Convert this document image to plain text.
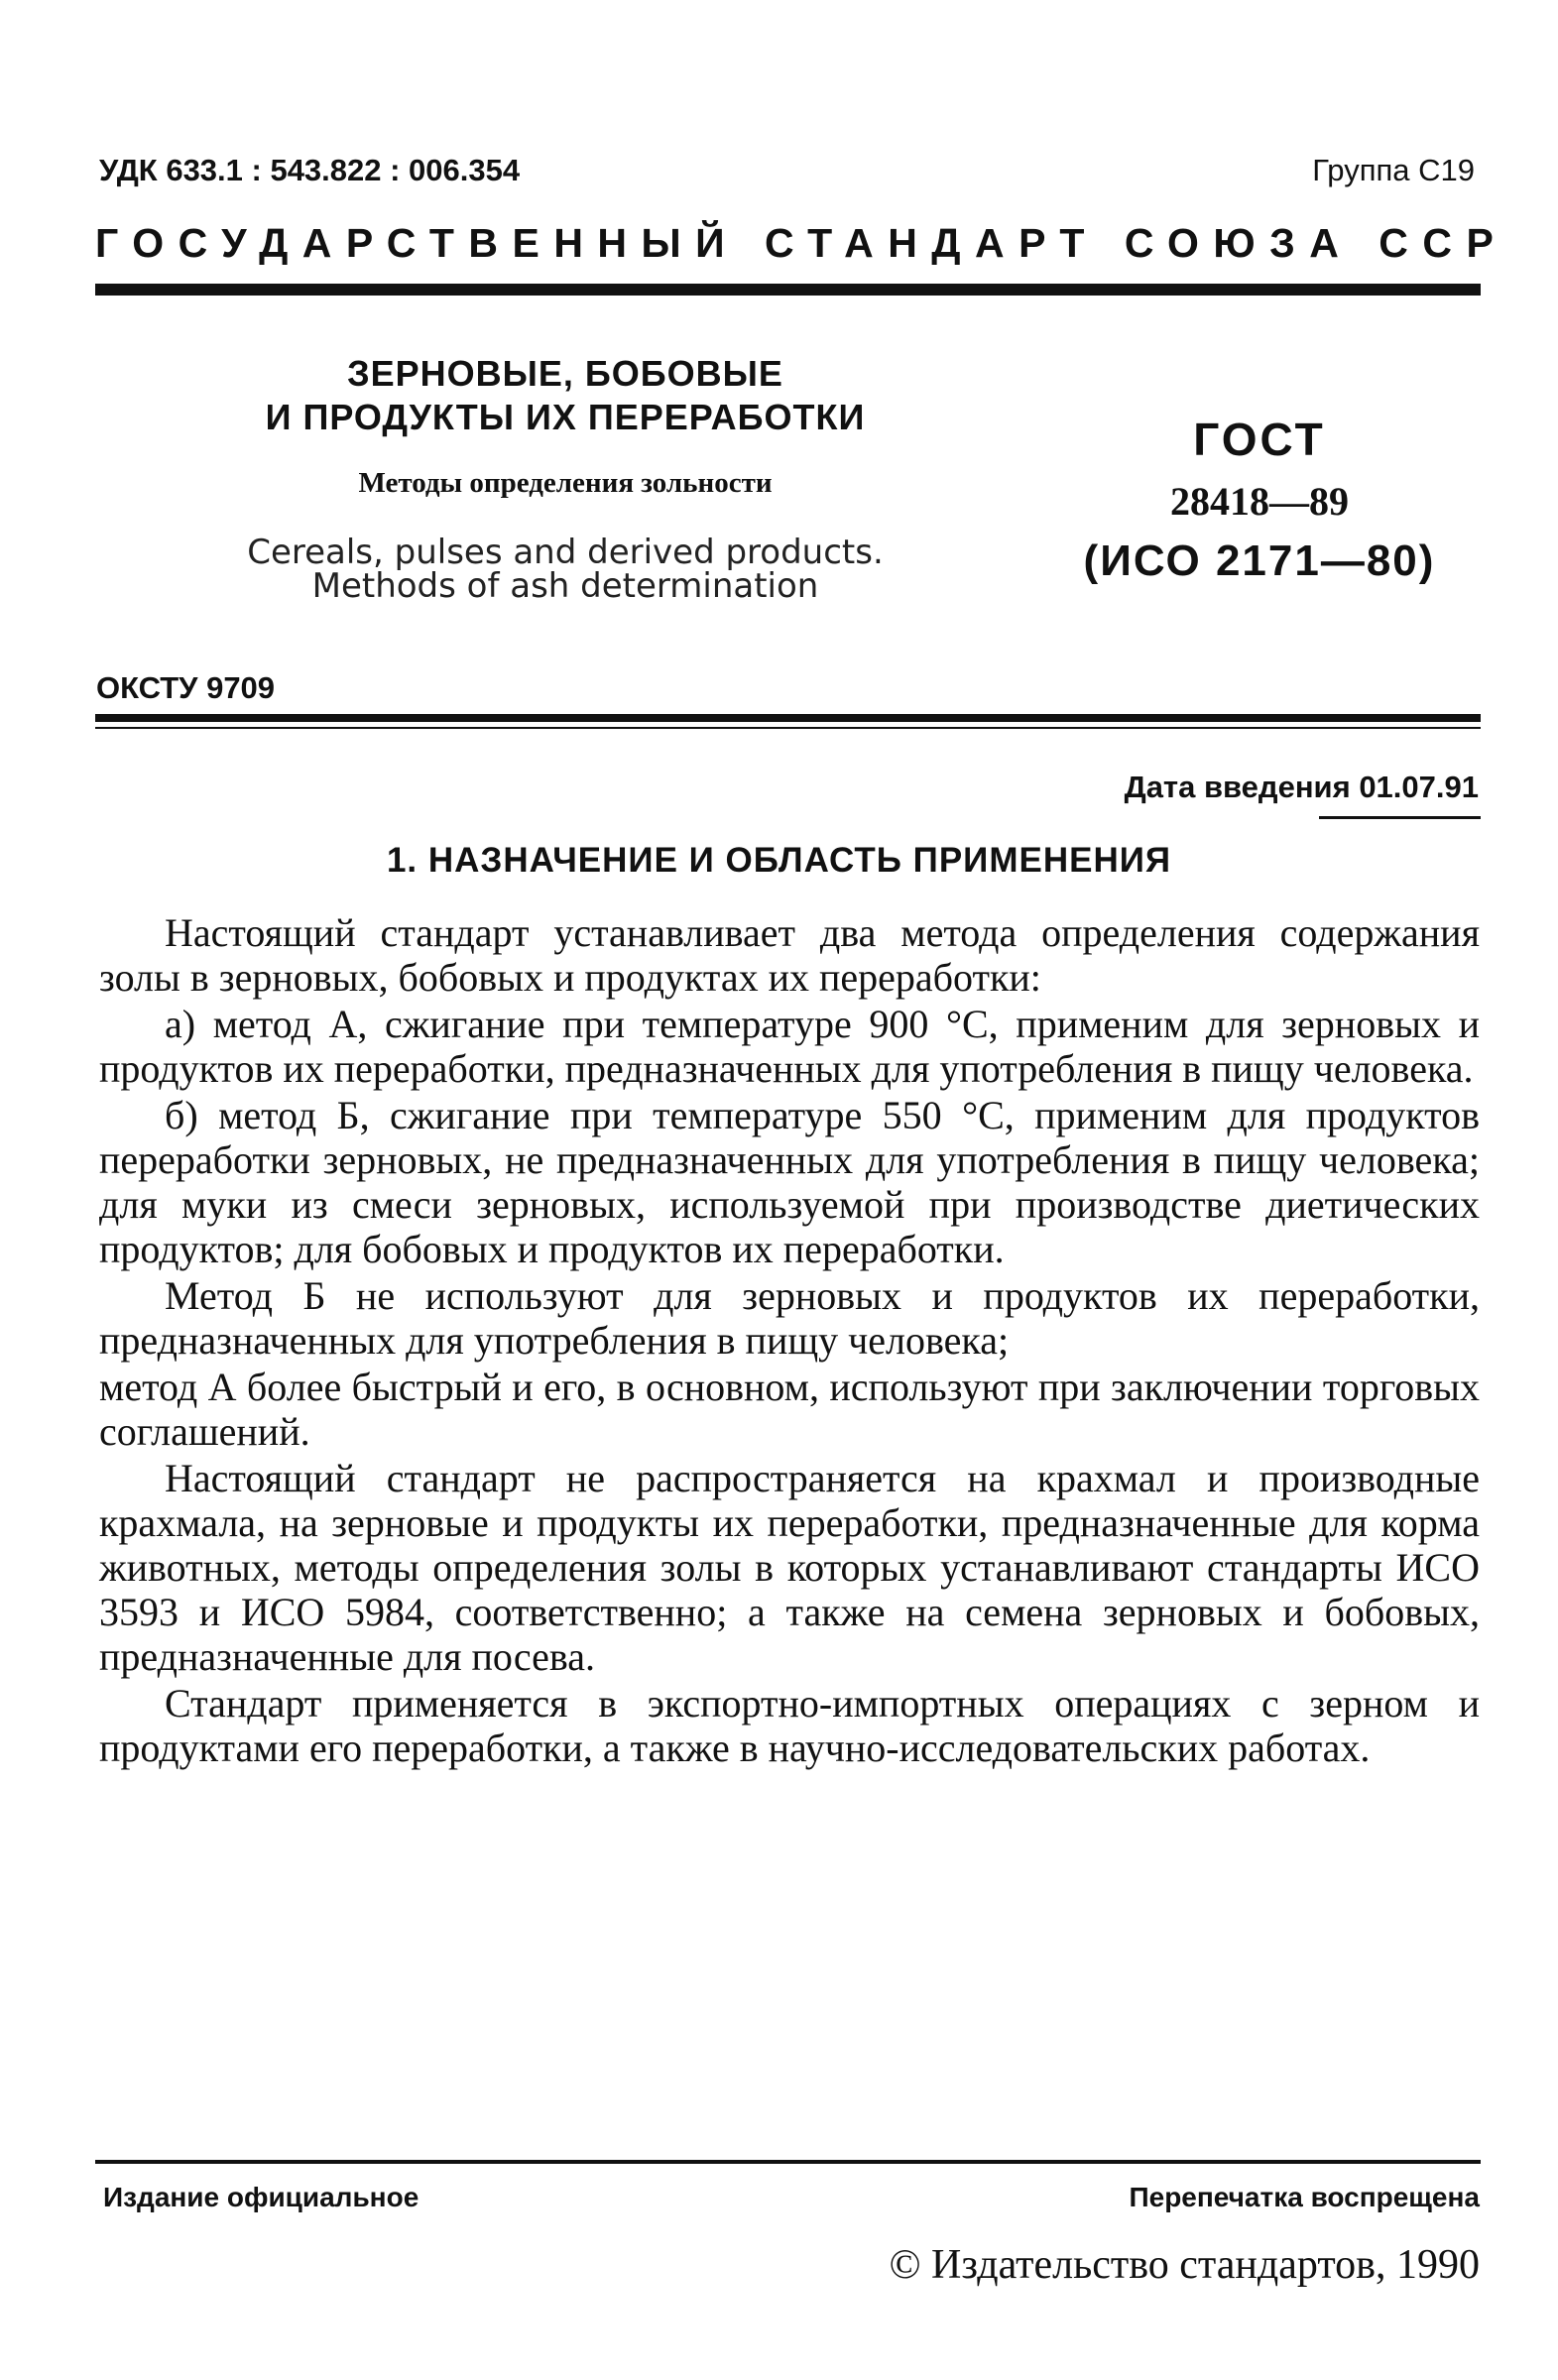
УДК 633.1 : 543.822 : 006.354	Группа С19
ГОСУДАРСТВЕННЫЙ СТАНДАРТ СОЮЗА ССР
ЗЕРНОВЫЕ, БОБОВЫЕ
И ПРОДУКТЫ ИХ ПЕРЕРАБОТКИ
Методы определения зольности
Cereals, pulses and derived products.
Methods of ash determination
ГОСТ
28418—89
(ИСО 2171—80)
ОКСТУ 9709
Дата введения 01.07.91
1. НАЗНАЧЕНИЕ И ОБЛАСТЬ ПРИМЕНЕНИЯ

Настоящий стандарт устанавливает два метода определения содержания золы в зерновых, бобовых и продуктах их переработки:

а) метод А, сжигание при температуре 900 °С, применим для зерновых и продуктов их переработки, предназначенных для употребления в пищу человека.

б) метод Б, сжигание при температуре 550 °С, применим для продуктов переработки зерновых, не предназначенных для употребления в пищу человека; для муки из смеси зерновых, используемой при производстве диетических продуктов; для бобовых и продуктов их переработки.

Метод Б не используют для зерновых и продуктов их переработки, предназначенных для употребления в пищу человека;

метод А более быстрый и его, в основном, используют при заключении торговых соглашений.

Настоящий стандарт не распространяется на крахмал и производные крахмала, на зерновые и продукты их переработки, предназначенные для корма животных, методы определения золы в которых устанавливают стандарты ИСО 3593 и ИСО 5984, соответственно; а также на семена зерновых и бобовых, предназначенные для посева.

Стандарт применяется в экспортно-импортных операциях с зерном и продуктами его переработки, а также в научно-исследовательских работах.

Издание официальное	Перепечатка воспрещена
© Издательство стандартов, 1990
